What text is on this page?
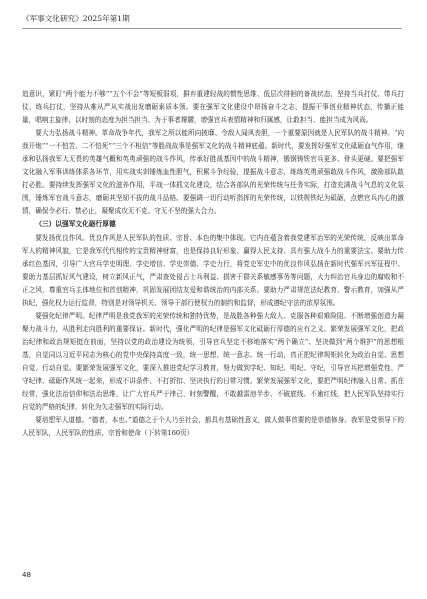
《军事文化研究》2025年第1期

追意识，紧盯“两个能力不够”“五个不会”等短板弱项，摒弃重建轻战的惯性思维、低层次徘徊的备战状态，坚持当兵打仗、带兵打仗、练兵打仗，坚持从难从严从实战出发磨砺素质本领。要在强军文化建设中昂扬奋斗之志，提振干事创业精神状态，传播正能量，唱响主旋律，以时刻的态度为担当担当、为于事者撑腰，增强官兵表情精神和归属感，让敢担当、能担当成为风尚。

要大力弘扬战斗精神。革命战争年代，我军之所以能所向披靡、令敌人闻风丧胆，一个重要原因就是人民军队的战斗精神。“向我开炮”“一不怕苦、二不怕死”“三个不相信”等胜战故事是强军文化的战斗精神底蕴。新时代，要发挥好强军文化砥砺血气作用，继承和弘扬我军大无畏的英雄气概和英勇顽强的战斗作风，传承好胜战基因中的战斗精神，锻钢铸铁官兵更多、骨头更硬。要把强军文化融入军事训练体系各环节，用实战实训锤炼血性胆气，积累斗争经验，提振战斗意志，练练英勇顽强敢战斗作风，激励部队敢打必胜。要持续发挥强军文化的滋养作用，平战一体抓文化建设，结合各部队的光荣传统与任务实际，打造充满战斗气息的文化氛围，锤炼军官战斗意志，磨砺其坚韧不拔的战斗品格。要强调一切行动听指挥的光荣传统，以铁规铁纪为砥砺，点燃官兵内心的激情，确保令必行、禁必止，凝聚成攻无不克、守无不坚的强大合力。

（三）以强军文化砺行厚德

要发扬优良作风。优良作风是人民军队的性质、宗旨、本色的集中体现。它内在蕴含着我党建军治军的光荣传统，反映出革命军人的精神风貌，它是我军代代相传的宝贵精神财富，也是保持良好形象、赢得人民支持、具有强大战斗力的重要法宝。要助力传承红色基因，引导广大官兵学史明理、学史增信、学史崇德、学史力行，将党史军史中的优良作风弘扬在新时代强军兴军征程中。要助力基层抓好风气建设，树立新风正气，严肃查处侵占士兵利益、损害干群关系敏感事务等问题，大力纠治官兵身边的腐败和不正之风，尊重官兵主体地位和首创精神，巩固发展团结友爱和谐统治的内部关系。要助力严肃规范法纪教育、警示教育，加强从严执纪，强化权力运行监督，特别是对领导机关、领导干部行使权力的制约和监督，形成遵纪守法的浓厚氛围。

要强化纪律严明。纪律严明是我党我军的光荣传统和独特优势，是战胜各种强大敌人、克服各种艰难险阻、不断增强创造力凝聚力战斗力，从胜利走向胜利的重要保证。新时代，强化严明的纪律是强军文化砥砺行厚德的应有之义。繁荣发展强军文化，把政治纪律和政治规矩挺在前面，坚持以党的政治建设为统领，引导官兵坚定不移地落实“两个确立”、坚决做到“两个维护”的思想根基，自觉同以习近平同志为核心的党中央保持高度一致，统一思想、统一意志、统一行动，真正把纪律规矩转化为政治自觉、思想自觉、行动自觉。要繁荣发展强军文化，要深入推进党纪学习教育，努力做到学纪、知纪、明纪、守纪，引导官兵把增强党性、严守纪律、砥砺作风统一起来，形成不讲条件、不打折扣、坚决执行的日常习惯。繁荣发展强军文化，要把严明纪律融入日常、抓在经常，强化法治信仰和法治思维，让广大官兵严于律己、时刻警醒，不敢越雷池半步、不破底线、不逾红线，把人民军队坚持实行自觉的严格的纪律，转化为矢志强军的实际行动。

要培塑军人道德。“德者，本也。”道德之于个人乃至社会，都具有基础性意义，做人做事首要的是崇德修身。我军是党领导下的人民军队，人民军队的性质、宗旨和使命（下转第160页）

48
